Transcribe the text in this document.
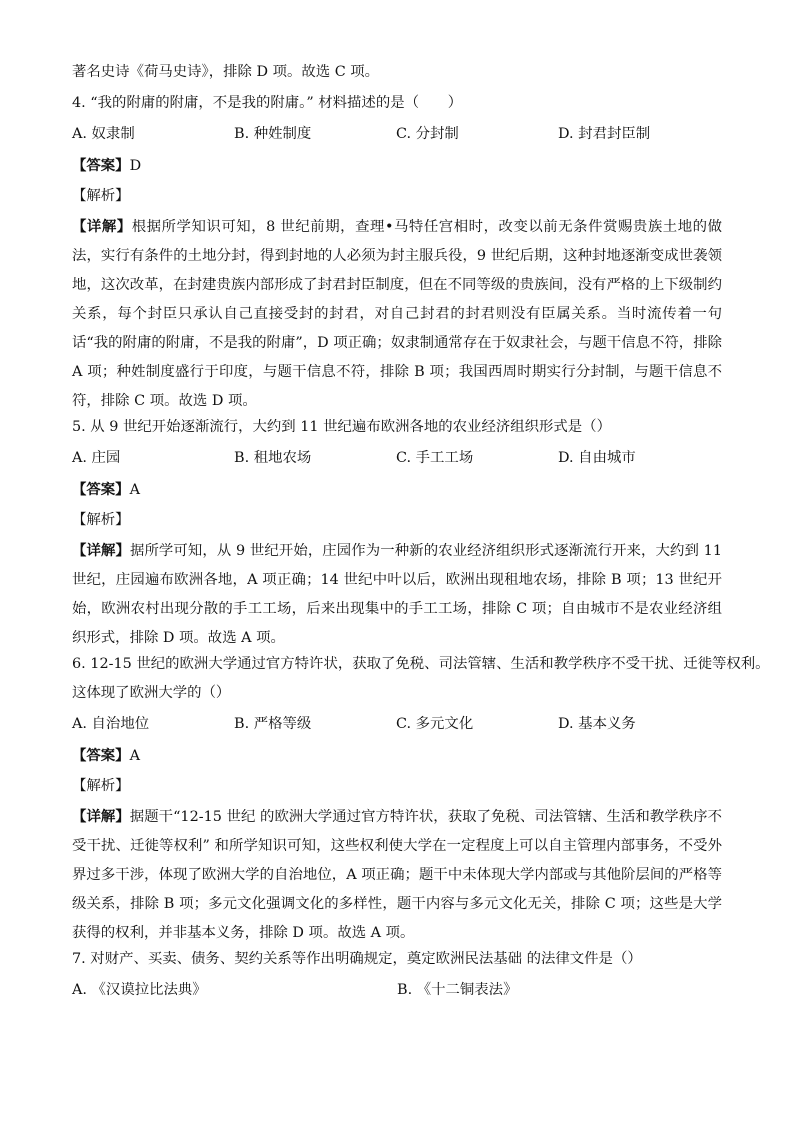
著名史诗《荷马史诗》，排除 D 项。故选 C 项。
4. “我的附庸的附庸，不是我的附庸。” 材料描述的是（　　）
A. 奴隶制	B. 种姓制度	C. 分封制	D. 封君封臣制
【答案】D
【解析】
【详解】根据所学知识可知，8 世纪前期，查理•马特任宫相时，改变以前无条件赏赐贵族土地的做法，实行有条件的土地分封，得到封地的人必须为封主服兵役，9 世纪后期，这种封地逐渐变成世袭领地，这次改革，在封建贵族内部形成了封君封臣制度，但在不同等级的贵族间，没有严格的上下级制约关系，每个封臣只承认自己直接受封的封君，对自己封君的封君则没有臣属关系。当时流传着一句话“我的附庸的附庸，不是我的附庸”，D 项正确；奴隶制通常存在于奴隶社会，与题干信息不符，排除 A 项；种姓制度盛行于印度，与题干信息不符，排除 B 项；我国西周时期实行分封制，与题干信息不符，排除 C 项。故选 D 项。
5. 从 9 世纪开始逐渐流行，大约到 11 世纪遍布欧洲各地的农业经济组织形式是（）
A. 庄园	B. 租地农场	C. 手工工场	D. 自由城市
【答案】A
【解析】
【详解】据所学可知，从 9 世纪开始，庄园作为一种新的农业经济组织形式逐渐流行开来，大约到 11 世纪，庄园遍布欧洲各地，A 项正确；14 世纪中叶以后，欧洲出现租地农场，排除 B 项；13 世纪开始，欧洲农村出现分散的手工工场，后来出现集中的手工工场，排除 C 项；自由城市不是农业经济组织形式，排除 D 项。故选 A 项。
6. 12-15 世纪的欧洲大学通过官方特许状，获取了免税、司法管辖、生活和教学秩序不受干扰、迁徙等权利。
这体现了欧洲大学的（）
A. 自治地位	B. 严格等级	C. 多元文化	D. 基本义务
【答案】A
【解析】
【详解】据题干“12-15 世纪 的欧洲大学通过官方特许状，获取了免税、司法管辖、生活和教学秩序不受干扰、迁徙等权利” 和所学知识可知，这些权利使大学在一定程度上可以自主管理内部事务，不受外界过多干涉，体现了欧洲大学的自治地位，A 项正确；题干中未体现大学内部或与其他阶层间的严格等级关系，排除 B 项；多元文化强调文化的多样性，题干内容与多元文化无关，排除 C 项；这些是大学获得的权利，并非基本义务，排除 D 项。故选 A 项。
7. 对财产、买卖、债务、契约关系等作出明确规定，奠定欧洲民法基础 的法律文件是（）
A. 《汉谟拉比法典》	B. 《十二铜表法》
